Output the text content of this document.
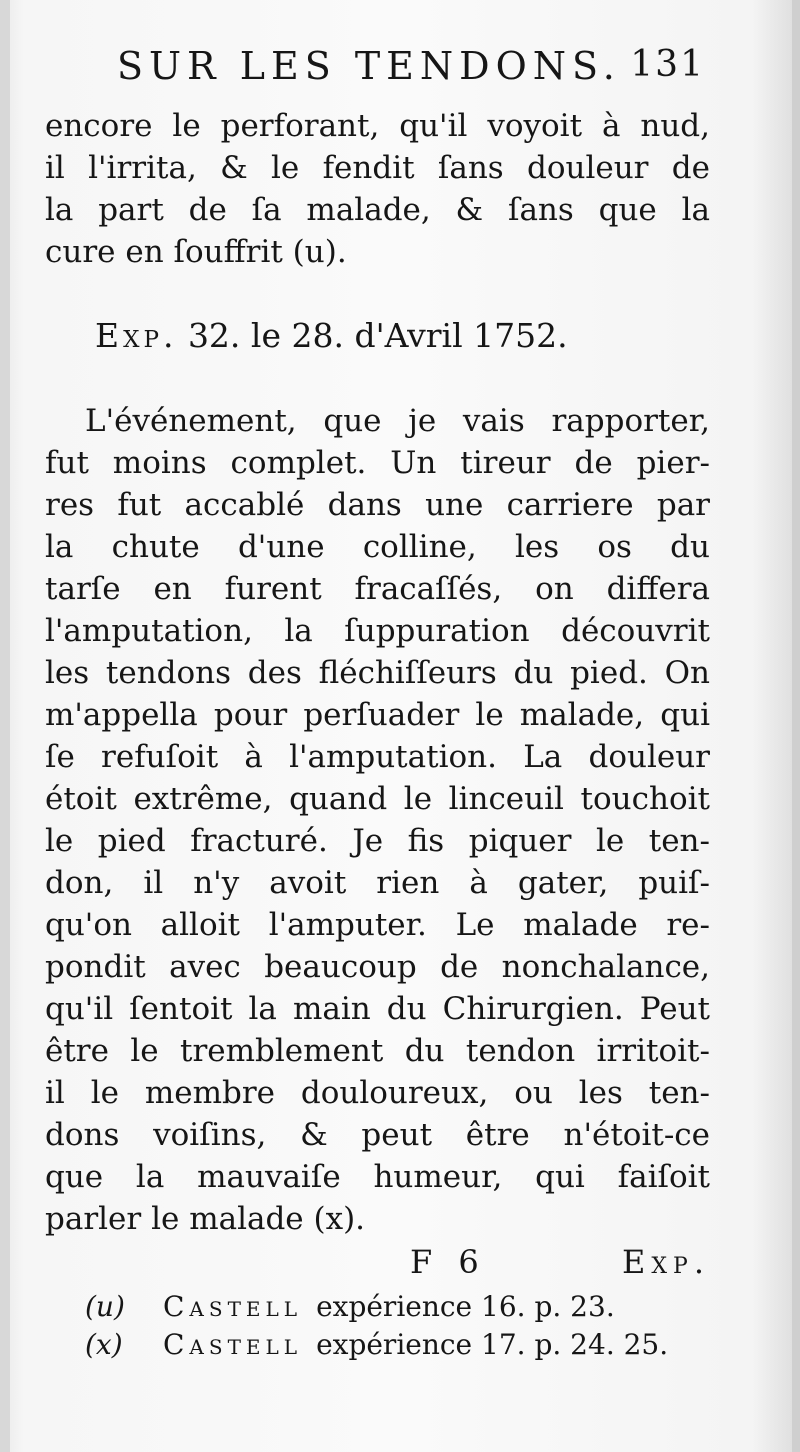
SUR LES TENDONS. 131
encore le perforant, qu'il voyoit à nud,
il l'irrita, & le fendit ſans douleur de
la part de ſa malade, & ſans que la
cure en ſouffrit (u).
Exp. 32. le 28. d'Avril 1752.
L'événement, que je vais rapporter,
fut moins complet. Un tireur de pier-
res fut accablé dans une carriere par
la chute d'une colline, les os du
tarſe en furent fracaſſés, on differa
l'amputation, la ſuppuration découvrit
les tendons des fléchiſſeurs du pied. On
m'appella pour perſuader le malade, qui
ſe refuſoit à l'amputation. La douleur
étoit extrême, quand le linceuil touchoit
le pied fracturé. Je fis piquer le ten-
don, il n'y avoit rien à gater, puiſ-
qu'on alloit l'amputer. Le malade re-
pondit avec beaucoup de nonchalance,
qu'il ſentoit la main du Chirurgien. Peut
être le tremblement du tendon irritoit-
il le membre douloureux, ou les ten-
dons voiſins, & peut être n'étoit-ce
que la mauvaiſe humeur, qui faiſoit
parler le malade (x).
F 6	Exp.
(u) Castell expérience 16. p. 23.
(x) Castell expérience 17. p. 24. 25.
